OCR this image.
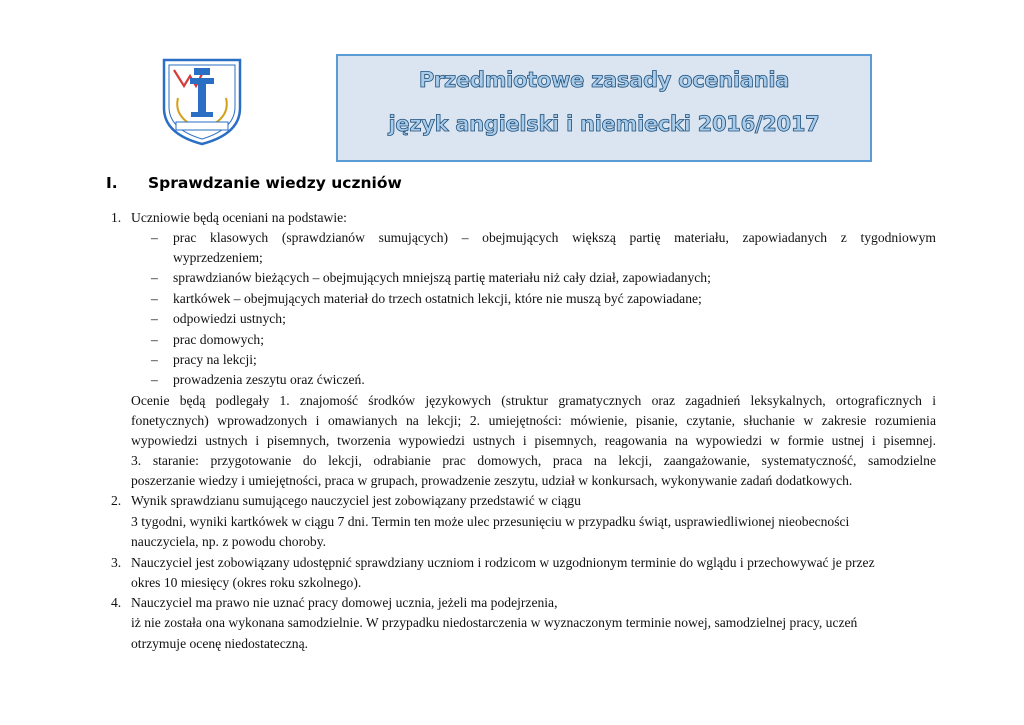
Przedmiotowe zasady oceniania
język angielski i niemiecki 2016/2017
I. Sprawdzanie wiedzy uczniów
1. Uczniowie będą oceniani na podstawie:
– prac klasowych (sprawdzianów sumujących) – obejmujących większą partię materiału, zapowiadanych z tygodniowym
wyprzedzeniem;
– sprawdzianów bieżących – obejmujących mniejszą partię materiału niż cały dział, zapowiadanych;
– kartkówek – obejmujących materiał do trzech ostatnich lekcji, które nie muszą być zapowiadane;
– odpowiedzi ustnych;
– prac domowych;
– pracy na lekcji;
– prowadzenia zeszytu oraz ćwiczeń.
Ocenie będą podlegały 1. znajomość środków językowych (struktur gramatycznych oraz zagadnień leksykalnych, ortograficznych i
fonetycznych) wprowadzonych i omawianych na lekcji; 2. umiejętności: mówienie, pisanie, czytanie, słuchanie w zakresie rozumienia
wypowiedzi ustnych i pisemnych, tworzenia wypowiedzi ustnych i pisemnych, reagowania na wypowiedzi w formie ustnej i pisemnej.
3. staranie: przygotowanie do lekcji, odrabianie prac domowych, praca na lekcji, zaangażowanie, systematyczność, samodzielne
poszerzanie wiedzy i umiejętności, praca w grupach, prowadzenie zeszytu, udział w konkursach, wykonywanie zadań dodatkowych.
2. Wynik sprawdzianu sumującego nauczyciel jest zobowiązany przedstawić w ciągu
3 tygodni, wyniki kartkówek w ciągu 7 dni. Termin ten może ulec przesunięciu w przypadku świąt, usprawiedliwionej nieobecności
nauczyciela, np. z powodu choroby.
3. Nauczyciel jest zobowiązany udostępnić sprawdziany uczniom i rodzicom w uzgodnionym terminie do wglądu i przechowywać je przez
okres 10 miesięcy (okres roku szkolnego).
4. Nauczyciel ma prawo nie uznać pracy domowej ucznia, jeżeli ma podejrzenia,
iż nie została ona wykonana samodzielnie. W przypadku niedostarczenia w wyznaczonym terminie nowej, samodzielnej pracy, uczeń
otrzymuje ocenę niedostateczną.
